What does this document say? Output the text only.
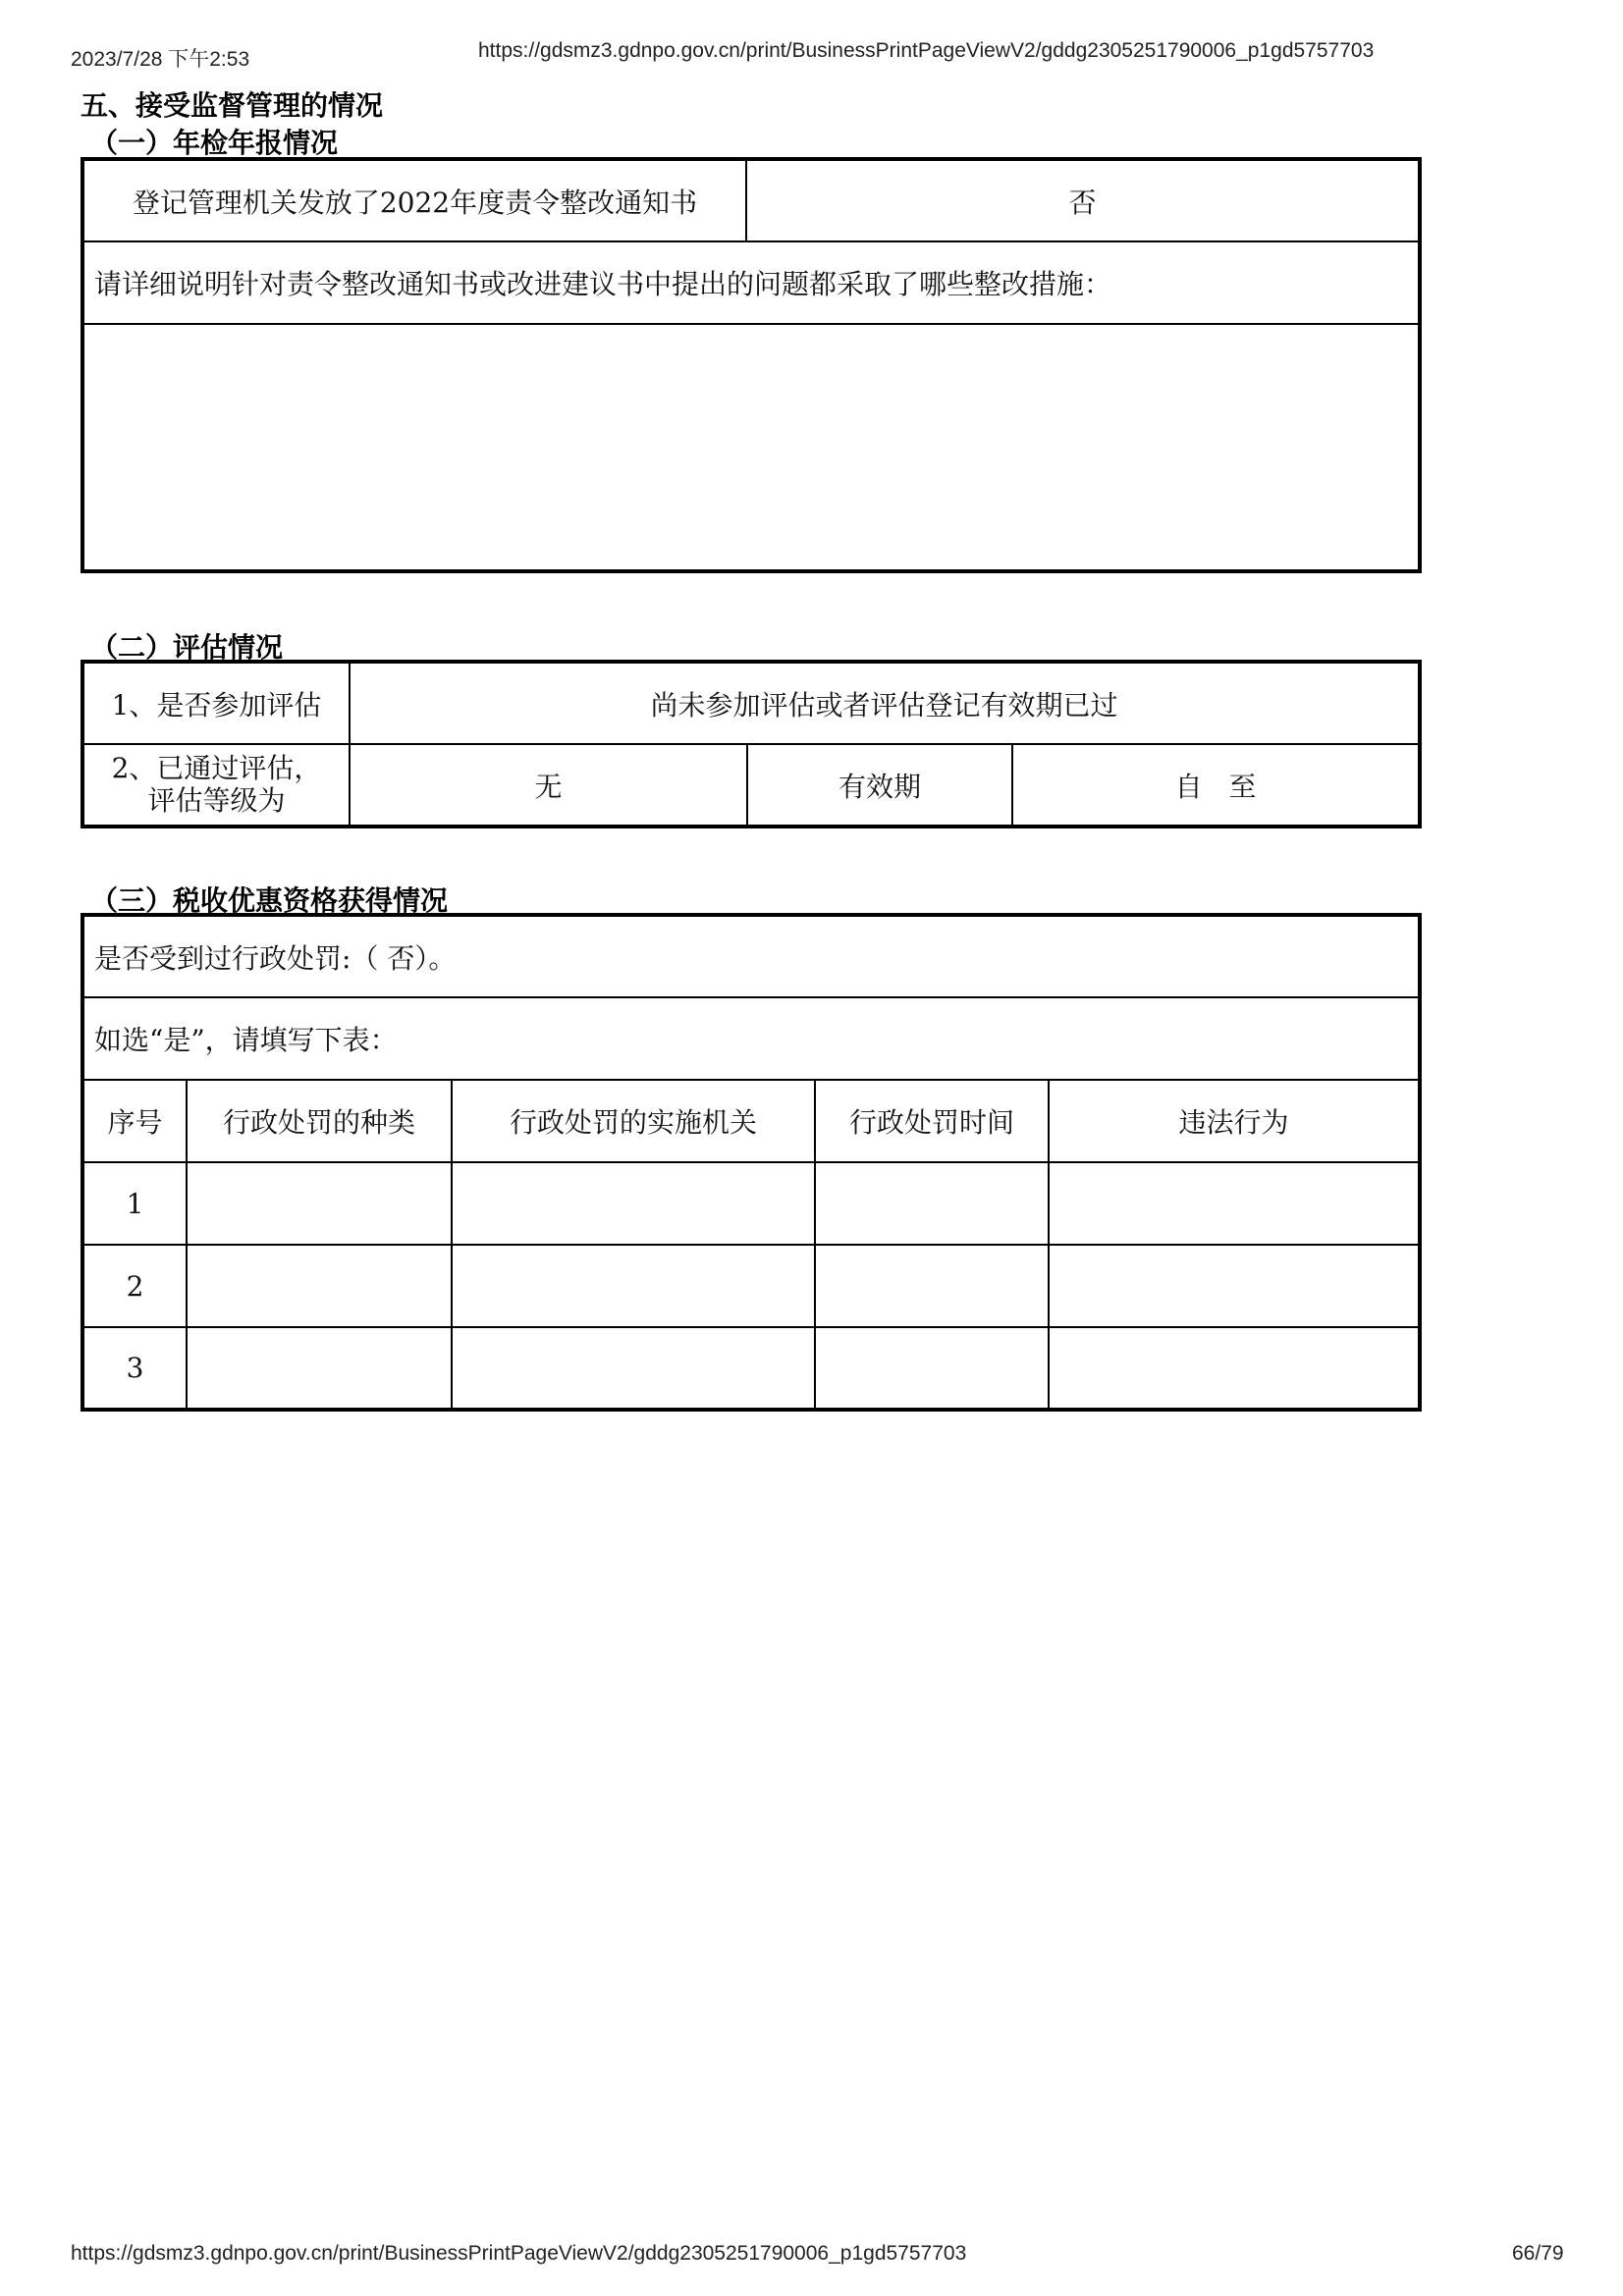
2023/7/28 下午2:53	https://gdsmz3.gdnpo.gov.cn/print/BusinessPrintPageViewV2/gddg2305251790006_p1gd5757703
五、接受监督管理的情况
（一）年检年报情况
登记管理机关发放了2022年度责令整改通知书	否
请详细说明针对责令整改通知书或改进建议书中提出的问题都采取了哪些整改措施：

（二）评估情况
1、是否参加评估	尚未参加评估或者评估登记有效期已过		

2、已通过评估，
评估等级为	无	有效期	自   至
（三）税收优惠资格获得情况
是否受到过行政处罚:（ 否）。				
如选“是”，请填写下表：				
序号	行政处罚的种类	行政处罚的实施机关	行政处罚时间	违法行为
1				
2				
3				
https://gdsmz3.gdnpo.gov.cn/print/BusinessPrintPageViewV2/gddg2305251790006_p1gd5757703	66/79
